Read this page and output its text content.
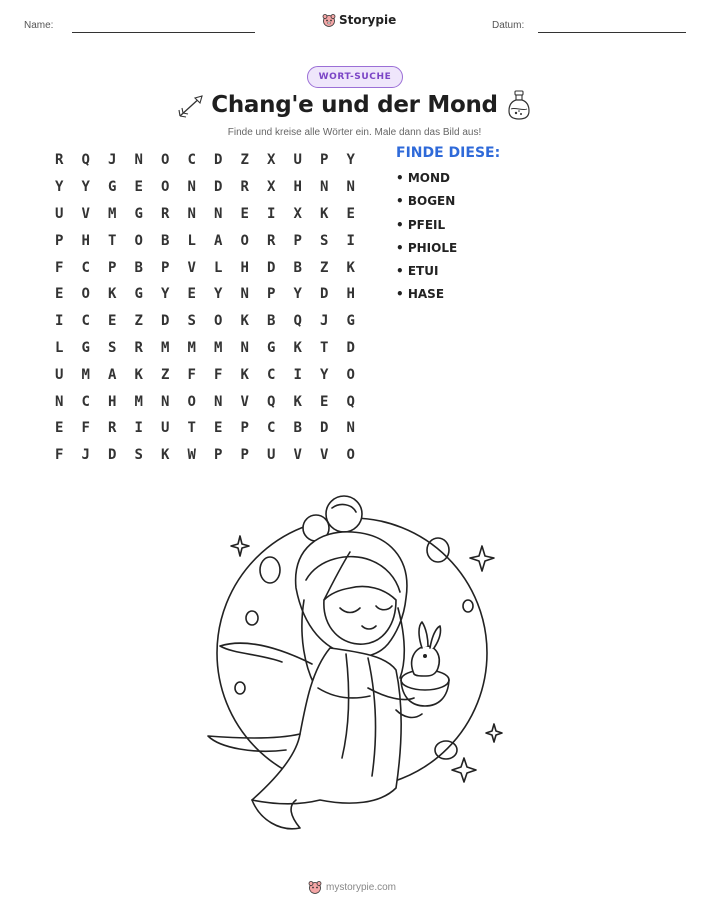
Name:	Storypie	Datum:
WORT-SUCHE
Chang'e und der Mond
Finde und kreise alle Wörter ein. Male dann das Bild aus!
R	Q	J	N	O	C	D	Z	X	U	P	Y
Y	Y	G	E	O	N	D	R	X	H	N	N
U	V	M	G	R	N	N	E	I	X	K	E
P	H	T	O	B	L	A	O	R	P	S	I
F	C	P	B	P	V	L	H	D	B	Z	K
E	O	K	G	Y	E	Y	N	P	Y	D	H
I	C	E	Z	D	S	O	K	B	Q	J	G
L	G	S	R	M	M	M	N	G	K	T	D
U	M	A	K	Z	F	F	K	C	I	Y	O
N	C	H	M	N	O	N	V	Q	K	E	Q
E	F	R	I	U	T	E	P	C	B	D	N
F	J	D	S	K	W	P	P	U	V	V	O
FINDE DIESE:
• MOND
• BOGEN
• PFEIL
• PHIOLE
• ETUI
• HASE
mystorypie.com
